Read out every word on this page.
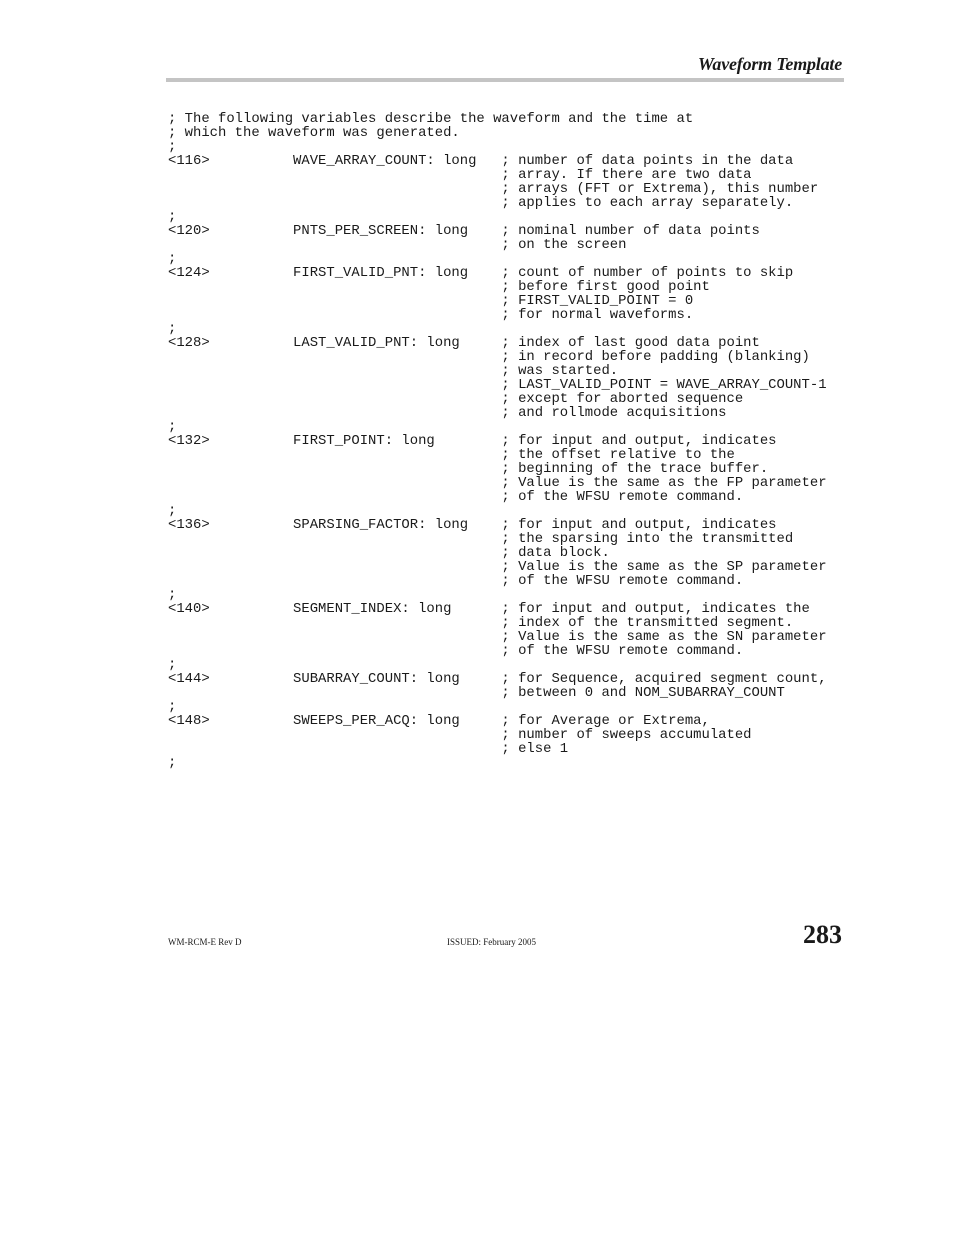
Waveform Template
; The following variables describe the waveform and the time at
; which the waveform was generated.
;
<116>          WAVE_ARRAY_COUNT: long   ; number of data points in the data
; array. If there are two data
; arrays (FFT or Extrema), this number
; applies to each array separately.
;
<120>          PNTS_PER_SCREEN: long    ; nominal number of data points
; on the screen
;
<124>          FIRST_VALID_PNT: long    ; count of number of points to skip
; before first good point
; FIRST_VALID_POINT = 0
; for normal waveforms.
;
<128>          LAST_VALID_PNT: long     ; index of last good data point
; in record before padding (blanking)
; was started.
; LAST_VALID_POINT = WAVE_ARRAY_COUNT-1
; except for aborted sequence
; and rollmode acquisitions
;
<132>          FIRST_POINT: long        ; for input and output, indicates
; the offset relative to the
; beginning of the trace buffer.
; Value is the same as the FP parameter
; of the WFSU remote command.
;
<136>          SPARSING_FACTOR: long    ; for input and output, indicates
; the sparsing into the transmitted
; data block.
; Value is the same as the SP parameter
; of the WFSU remote command.
;
<140>          SEGMENT_INDEX: long      ; for input and output, indicates the
; index of the transmitted segment.
; Value is the same as the SN parameter
; of the WFSU remote command.
;
<144>          SUBARRAY_COUNT: long     ; for Sequence, acquired segment count,
; between 0 and NOM_SUBARRAY_COUNT
;
<148>          SWEEPS_PER_ACQ: long     ; for Average or Extrema,
; number of sweeps accumulated
; else 1
;
WM-RCM-E Rev D	ISSUED: February 2005	283
